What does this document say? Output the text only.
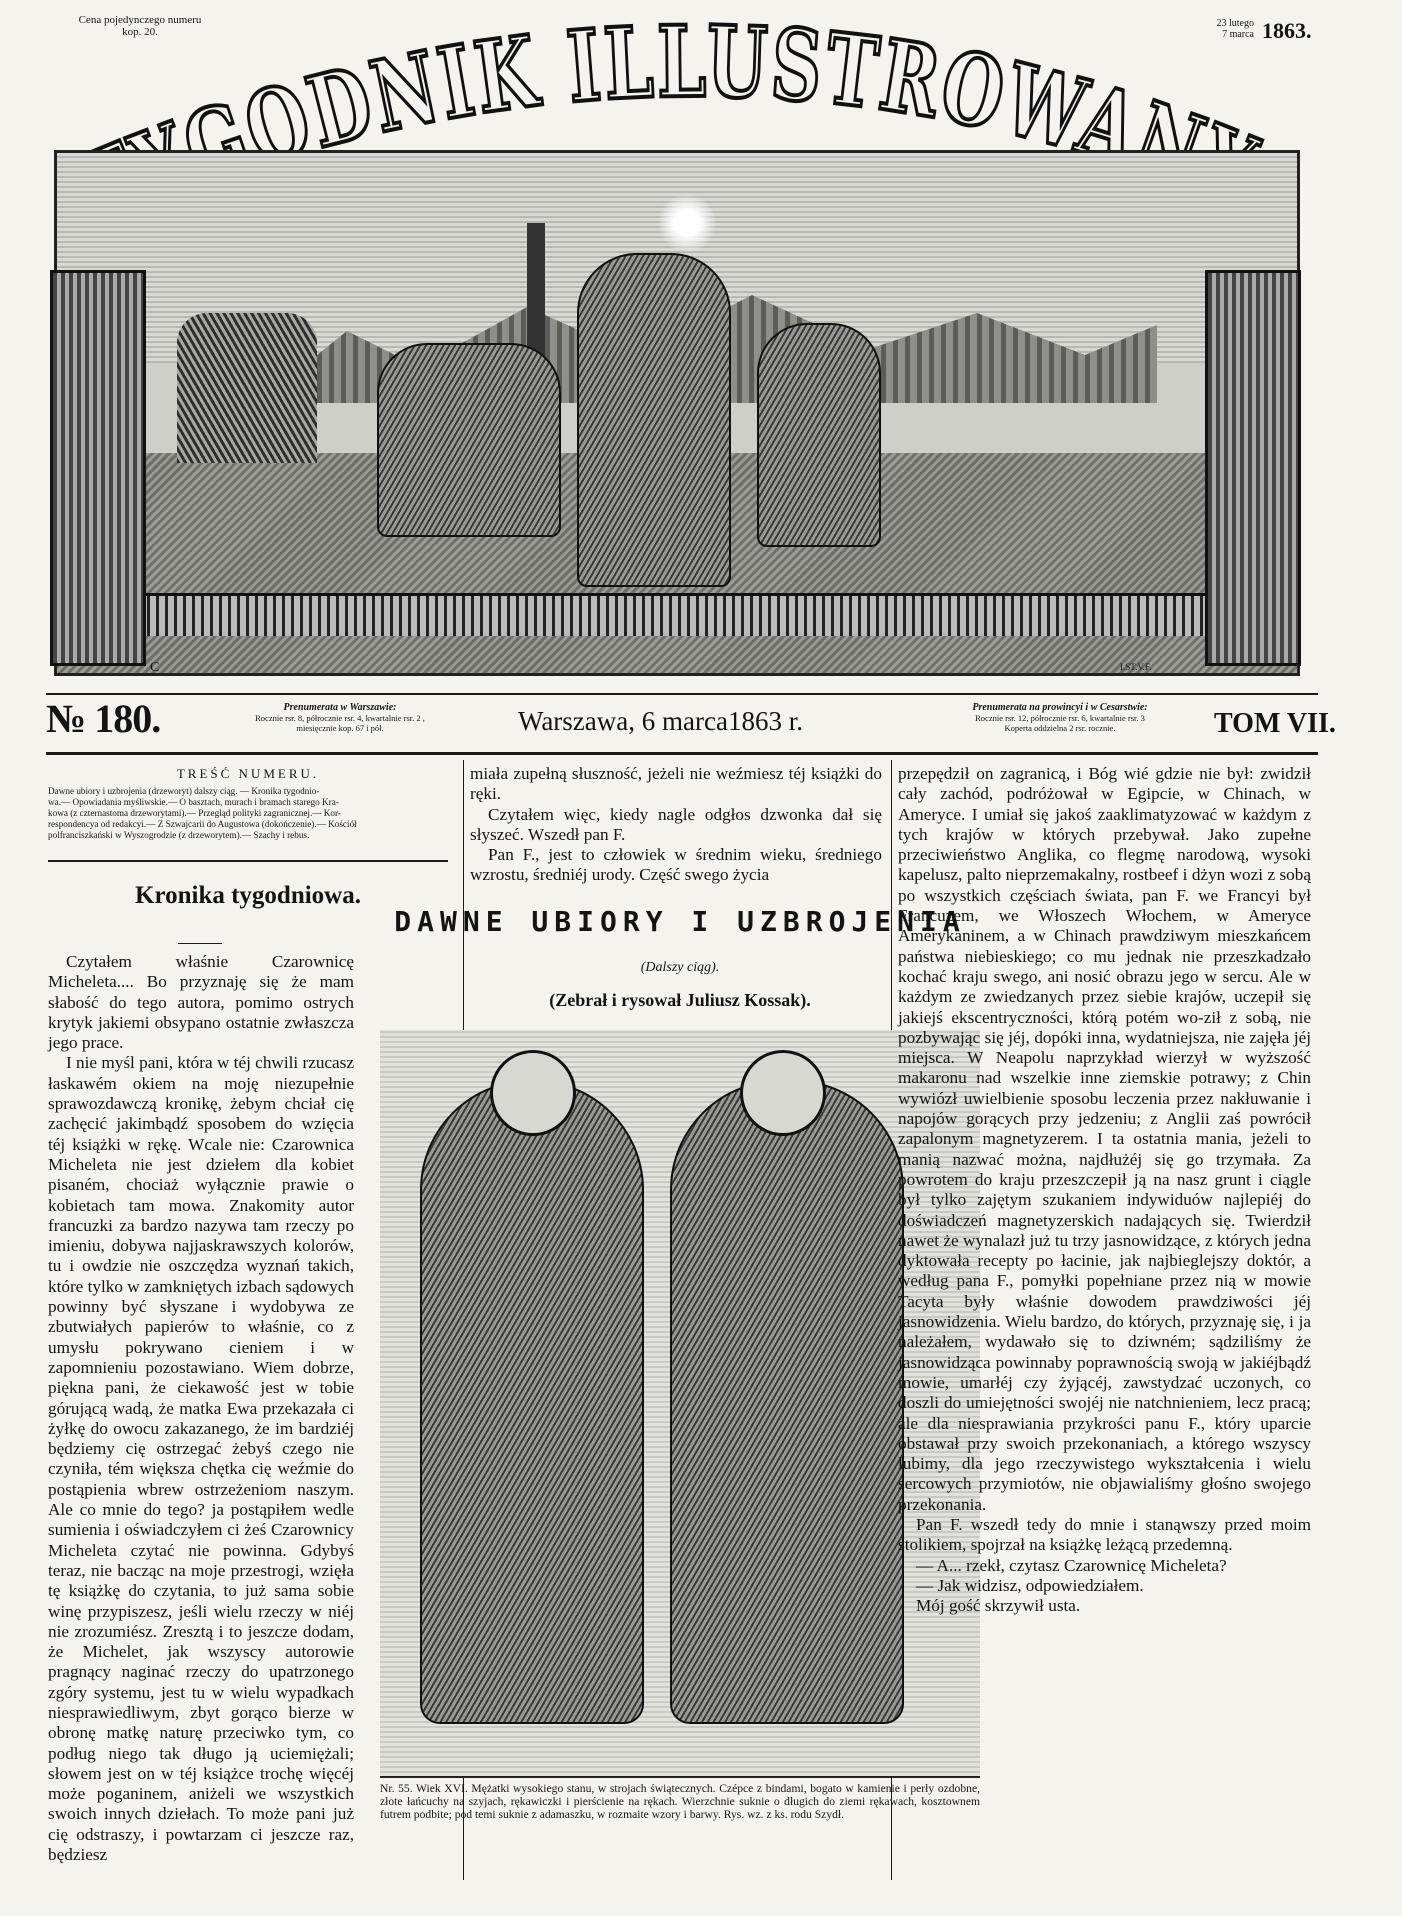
Cena pojedynczego numeru
kop. 20.
23 lutego
7 marca 1863.
GODNIK ILLUSTROWA
C	I.ST.V.F.
№ 180.	Prenumerata w Warszawie:
Rocznie rsr. 8, półrocznie rsr. 4, kwartalnie rsr. 2 ,
miesięcznie kop. 67 i pół.	Warszawa, 6 marca1863 r.	Prenumerata na prowincyi i w Cesarstwie:
Rocznie rsr. 12, półrocznie rsr. 6, kwartalnie rsr. 3
Koperta oddzielna 2 rsr. rocznie.	TOM VII.
TREŚĆ NUMERU.
Dawne ubiory i uzbrojenia (drzeworyt) dalszy ciąg. — Kronika tygodnio-
wa.— Opowiadania myśliwskie.— O basztach, murach i bramach starego Kra-
kowa (z czternastoma drzeworytami).— Przegląd polityki zagranicznej.— Kor-
respondencya od redakcyi.— Z Szwajcarii do Augustowa (dokończenie).— Kościół
polfranciszkański w Wyszogrodzie (z drzeworytem).— Szachy i rebus.
Kronika tygodniowa.

Czytałem właśnie Czarownicę Micheleta.... Bo przyznaję się że mam słabość do tego autora, pomimo ostrych krytyk jakiemi obsypano ostatnie zwłaszcza jego prace.

I nie myśl pani, która w téj chwili rzucasz łaskawém okiem na moję niezupełnie sprawozdawczą kronikę, żebym chciał cię zachęcić jakimbądź sposobem do wzięcia téj książki w rękę. Wcale nie: Czarownica Micheleta nie jest dziełem dla kobiet pisaném, chociaż wyłącznie prawie o kobietach tam mowa. Znakomity autor francuzki za bardzo nazywa tam rzeczy po imieniu, dobywa najjaskrawszych kolorów, tu i owdzie nie oszczędza wyznań takich, które tylko w zamkniętych izbach sądowych powinny być słyszane i wydobywa ze zbutwiałych papierów to właśnie, co z umysłu pokrywano cieniem i w zapomnieniu pozostawiano. Wiem dobrze, piękna pani, że ciekawość jest w tobie górującą wadą, że matka Ewa przekazała ci żyłkę do owocu zakazanego, że im bardziéj będziemy cię ostrzegać żebyś czego nie czyniła, tém większa chętka cię weźmie do postąpienia wbrew ostrzeżeniom naszym. Ale co mnie do tego? ja postąpiłem wedle sumienia i oświadczyłem ci żeś Czarownicy Micheleta czytać nie powinna. Gdybyś teraz, nie bacząc na moje przestrogi, wzięła tę książkę do czytania, to już sama sobie winę przypiszesz, jeśli wielu rzeczy w niéj nie zrozumiész. Zresztą i to jeszcze dodam, że Michelet, jak wszyscy autorowie pragnący naginać rzeczy do upatrzonego zgóry systemu, jest tu w wielu wypadkach niesprawiedliwym, zbyt gorąco bierze w obronę matkę naturę przeciwko tym, co podług niego tak długo ją uciemiężali; słowem jest on w téj książce trochę więcéj może poganinem, aniżeli we wszystkich swoich innych dziełach. To może pani już cię odstraszy, i powtarzam ci jeszcze raz, będziesz

miała zupełną słuszność, jeżeli nie weźmiesz téj książki do ręki.

Czytałem więc, kiedy nagle odgłos dzwonka dał się słyszeć. Wszedł pan F.

Pan F., jest to człowiek w średnim wieku, średniego wzrostu, średniéj urody. Część swego życia

DAWNE UBIORY I UZBROJENIA
(Dalszy ciąg).
(Zebrał i rysował Juliusz Kossak).
Nr. 55. Wiek XVI. Mężatki wysokiego stanu, w strojach świątecznych. Czépce z bindami, bogato w kamienie i perły ozdobne, złote łańcuchy na szyjach, rękawiczki i pierścienie na rękach. Wierzchnie suknie o długich do ziemi rękawach, kosztownem futrem podbite; pod temi suknie z adamaszku, w rozmaite wzory i barwy. Rys. wz. z ks. rodu Szydł.

przepędził on zagranicą, i Bóg wié gdzie nie był: zwidził cały zachód, podróżował w Egipcie, w Chinach, w Ameryce. I umiał się jakoś zaaklimatyzować w każdym z tych krajów w których przebywał. Jako zupełne przeciwieństwo Anglika, co flegmę narodową, wysoki kapelusz, palto nieprzemakalny, rostbeef i dżyn wozi z sobą po wszystkich częściach świata, pan F. we Francyi był Francuzem, we Włoszech Włochem, w Ameryce Amerykaninem, a w Chinach prawdziwym mieszkańcem państwa niebieskiego; co mu jednak nie przeszkadzało kochać kraju swego, ani nosić obrazu jego w sercu. Ale w każdym ze zwiedzanych przez siebie krajów, uczepił się jakiejś ekscentryczności, którą potém wo-ził z sobą, nie pozbywając się jéj, dopóki inna, wydatniejsza, nie zajęła jéj miejsca. W Neapolu naprzykład wierzył w wyższość makaronu nad wszelkie inne ziemskie potrawy; z Chin wywiózł uwielbienie sposobu leczenia przez nakłuwanie i napojów gorących przy jedzeniu; z Anglii zaś powrócił zapalonym magnetyzerem. I ta ostatnia mania, jeżeli to manią nazwać można, najdłużéj się go trzymała. Za powrotem do kraju przeszczepił ją na nasz grunt i ciągle był tylko zajętym szukaniem indywiduów najlepiéj do doświadczeń magnetyzerskich nadających się. Twierdził nawet że wynalazł już tu trzy jasnowidzące, z których jedna dyktowała recepty po łacinie, jak najbieglejszy doktór, a według pana F., pomyłki popełniane przez nią w mowie Tacyta były właśnie dowodem prawdziwości jéj jasnowidzenia. Wielu bardzo, do których, przyznaję się, i ja należałem, wydawało się to dziwném; sądziliśmy że jasnowidząca powinnaby poprawnością swoją w jakiéjbądź mowie, umarłéj czy żyjącéj, zawstydzać uczonych, co doszli do umiejętności swojéj nie natchnieniem, lecz pracą; ale dla niesprawiania przykrości panu F., który uparcie obstawał przy swoich przekonaniach, a którego wszyscy lubimy, dla jego rzeczywistego wykształcenia i wielu sercowych przymiotów, nie objawialiśmy głośno swojego przekonania.

Pan F. wszedł tedy do mnie i stanąwszy przed moim stolikiem, spojrzał na książkę leżącą przedemną.

— A... rzekł, czytasz Czarownicę Micheleta?

— Jak widzisz, odpowiedziałem.

Mój gość skrzywił usta.
